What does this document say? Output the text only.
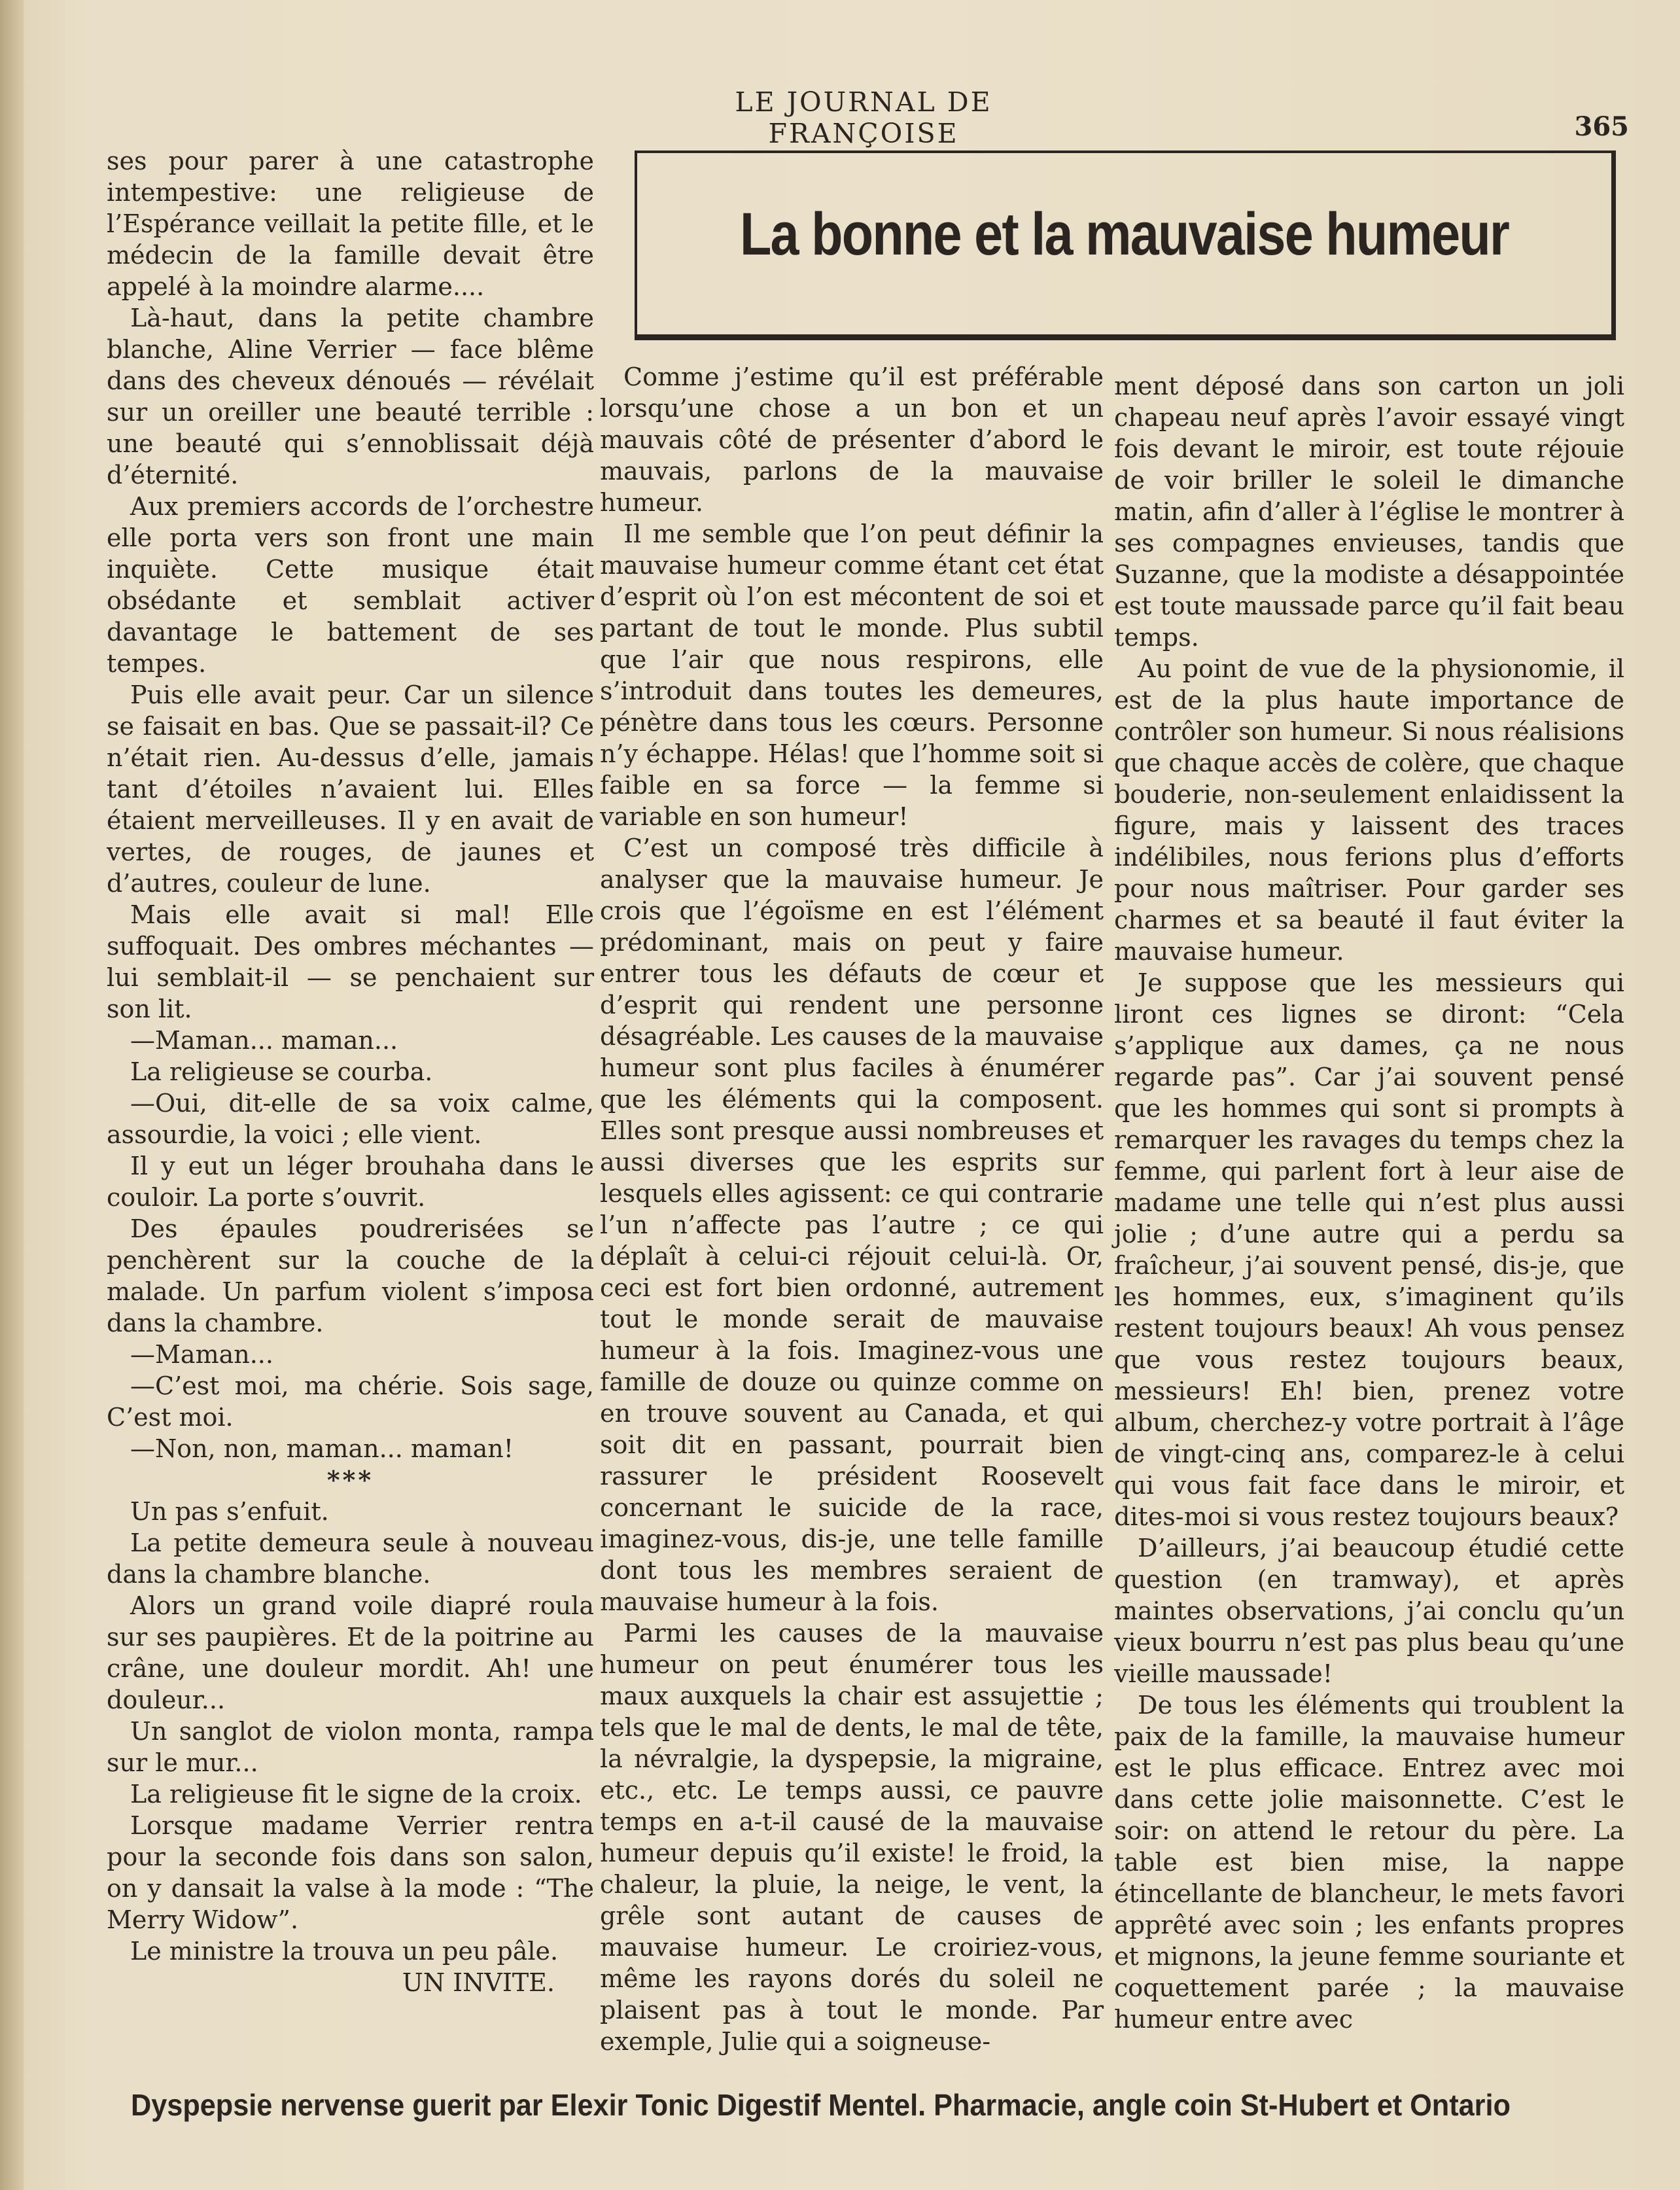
LE JOURNAL DE FRANÇOISE	365
La bonne et la mauvaise humeur

ses pour parer à une catastrophe intempestive: une religieuse de l’Espérance veillait la petite fille, et le médecin de la famille devait être appelé à la moindre alarme....

Là-haut, dans la petite chambre blanche, Aline Verrier — face blême dans des cheveux dénoués — révélait sur un oreiller une beauté terrible : une beauté qui s’ennoblissait déjà d’éternité.

Aux premiers accords de l’orchestre elle porta vers son front une main inquiète. Cette musique était obsédante et semblait activer davantage le battement de ses tempes.

Puis elle avait peur. Car un silence se faisait en bas. Que se passait-il? Ce n’était rien. Au-dessus d’elle, jamais tant d’étoiles n’avaient lui. Elles étaient merveilleuses. Il y en avait de vertes, de rouges, de jaunes et d’autres, couleur de lune.

Mais elle avait si mal! Elle suffoquait. Des ombres méchantes — lui semblait-il — se penchaient sur son lit.

—Maman... maman...

La religieuse se courba.

—Oui, dit-elle de sa voix calme, assourdie, la voici ; elle vient.

Il y eut un léger brouhaha dans le couloir. La porte s’ouvrit.

Des épaules poudrerisées se penchèrent sur la couche de la malade. Un parfum violent s’imposa dans la chambre.

—Maman...

—C’est moi, ma chérie. Sois sage, C’est moi.

—Non, non, maman... maman!

***

Un pas s’enfuit.

La petite demeura seule à nouveau dans la chambre blanche.

Alors un grand voile diapré roula sur ses paupières. Et de la poitrine au crâne, une douleur mordit. Ah! une douleur...

Un sanglot de violon monta, rampa sur le mur...

La religieuse fit le signe de la croix.

Lorsque madame Verrier rentra pour la seconde fois dans son salon, on y dansait la valse à la mode : “The Merry Widow”.

Le ministre la trouva un peu pâle.

UN INVITE.

Comme j’estime qu’il est préférable lorsqu’une chose a un bon et un mauvais côté de présenter d’abord le mauvais, parlons de la mauvaise humeur.

Il me semble que l’on peut définir la mauvaise humeur comme étant cet état d’esprit où l’on est mécontent de soi et partant de tout le monde. Plus subtil que l’air que nous respirons, elle s’introduit dans toutes les demeures, pénètre dans tous les cœurs. Personne n’y échappe. Hélas! que l’homme soit si faible en sa force — la femme si variable en son humeur!

C’est un composé très difficile à analyser que la mauvaise humeur. Je crois que l’égoïsme en est l’élément prédominant, mais on peut y faire entrer tous les défauts de cœur et d’esprit qui rendent une personne désagréable. Les causes de la mauvaise humeur sont plus faciles à énumérer que les éléments qui la composent. Elles sont presque aussi nombreuses et aussi diverses que les esprits sur lesquels elles agissent: ce qui contrarie l’un n’affecte pas l’autre ; ce qui déplaît à celui-ci réjouit celui-là. Or, ceci est fort bien ordonné, autrement tout le monde serait de mauvaise humeur à la fois. Imaginez-vous une famille de douze ou quinze comme on en trouve souvent au Canada, et qui soit dit en passant, pourrait bien rassurer le président Roosevelt concernant le suicide de la race, imaginez-vous, dis-je, une telle famille dont tous les membres seraient de mauvaise humeur à la fois.

Parmi les causes de la mauvaise humeur on peut énumérer tous les maux auxquels la chair est assujettie ; tels que le mal de dents, le mal de tête, la névralgie, la dyspepsie, la migraine, etc., etc. Le temps aussi, ce pauvre temps en a-t-il causé de la mauvaise humeur depuis qu’il existe! le froid, la chaleur, la pluie, la neige, le vent, la grêle sont autant de causes de mauvaise humeur. Le croiriez-vous, même les rayons dorés du soleil ne plaisent pas à tout le monde. Par exemple, Julie qui a soigneuse-

ment déposé dans son carton un joli chapeau neuf après l’avoir essayé vingt fois devant le miroir, est toute réjouie de voir briller le soleil le dimanche matin, afin d’aller à l’église le montrer à ses compagnes envieuses, tandis que Suzanne, que la modiste a désappointée est toute maussade parce qu’il fait beau temps.

Au point de vue de la physionomie, il est de la plus haute importance de contrôler son humeur. Si nous réalisions que chaque accès de colère, que chaque bouderie, non-seulement enlaidissent la figure, mais y laissent des traces indélibiles, nous ferions plus d’efforts pour nous maîtriser. Pour garder ses charmes et sa beauté il faut éviter la mauvaise humeur.

Je suppose que les messieurs qui liront ces lignes se diront: “Cela s’applique aux dames, ça ne nous regarde pas”. Car j’ai souvent pensé que les hommes qui sont si prompts à remarquer les ravages du temps chez la femme, qui parlent fort à leur aise de madame une telle qui n’est plus aussi jolie ; d’une autre qui a perdu sa fraîcheur, j’ai souvent pensé, dis-je, que les hommes, eux, s’imaginent qu’ils restent toujours beaux! Ah vous pensez que vous restez toujours beaux, messieurs! Eh! bien, prenez votre album, cherchez-y votre portrait à l’âge de vingt-cinq ans, comparez-le à celui qui vous fait face dans le miroir, et dites-moi si vous restez toujours beaux?

D’ailleurs, j’ai beaucoup étudié cette question (en tramway), et après maintes observations, j’ai conclu qu’un vieux bourru n’est pas plus beau qu’une vieille maussade!

De tous les éléments qui troublent la paix de la famille, la mauvaise humeur est le plus efficace. Entrez avec moi dans cette jolie maisonnette. C’est le soir: on attend le retour du père. La table est bien mise, la nappe étincellante de blancheur, le mets favori apprêté avec soin ; les enfants propres et mignons, la jeune femme souriante et coquettement parée ; la mauvaise humeur entre avec

Dyspepsie nervense guerit par Elexir Tonic Digestif Mentel. Pharmacie, angle coin St-Hubert et Ontario
